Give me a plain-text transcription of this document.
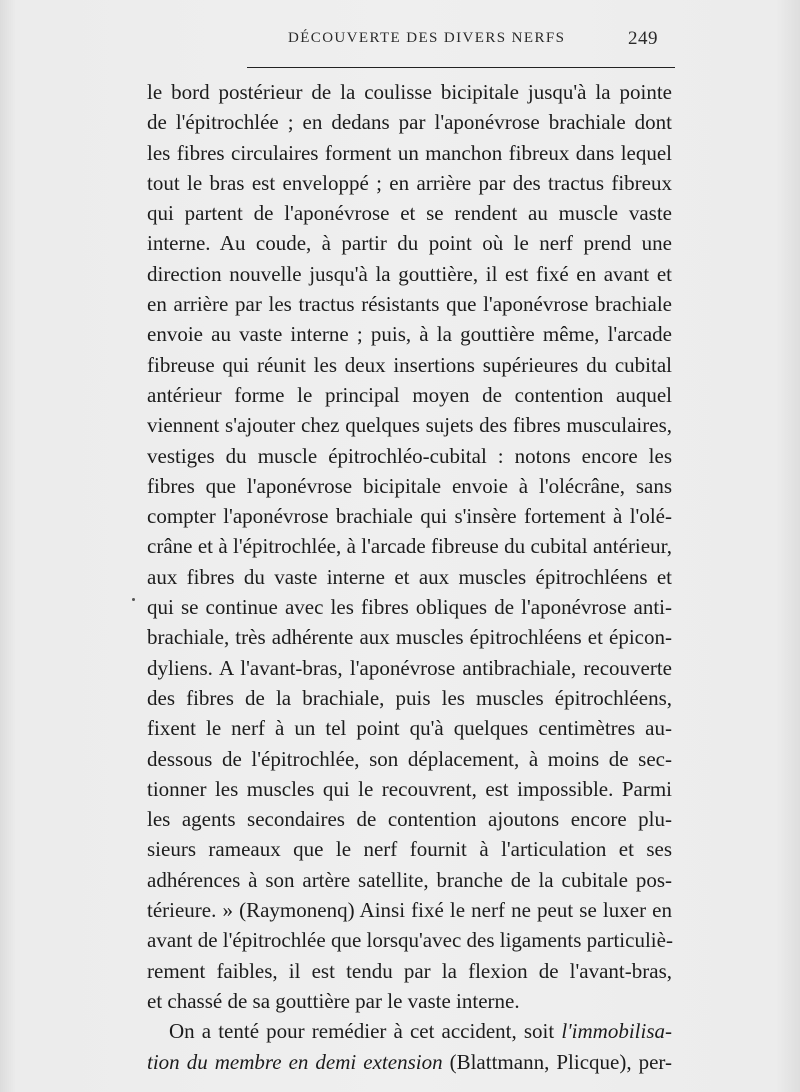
DÉCOUVERTE DES DIVERS NERFS	249
le bord postérieur de la coulisse bicipitale jusqu'à la pointe
de l'épitrochlée ; en dedans par l'aponévrose brachiale dont
les fibres circulaires forment un manchon fibreux dans lequel
tout le bras est enveloppé ; en arrière par des tractus fibreux
qui partent de l'aponévrose et se rendent au muscle vaste
interne. Au coude, à partir du point où le nerf prend une
direction nouvelle jusqu'à la gouttière, il est fixé en avant et
en arrière par les tractus résistants que l'aponévrose brachiale
envoie au vaste interne ; puis, à la gouttière même, l'arcade
fibreuse qui réunit les deux insertions supérieures du cubital
antérieur forme le principal moyen de contention auquel
viennent s'ajouter chez quelques sujets des fibres musculaires,
vestiges du muscle épitrochléo-cubital : notons encore les
fibres que l'aponévrose bicipitale envoie à l'olécrâne, sans
compter l'aponévrose brachiale qui s'insère fortement à l'olé-
crâne et à l'épitrochlée, à l'arcade fibreuse du cubital antérieur,
aux fibres du vaste interne et aux muscles épitrochléens et
qui se continue avec les fibres obliques de l'aponévrose anti-
brachiale, très adhérente aux muscles épitrochléens et épicon-
dyliens. A l'avant-bras, l'aponévrose antibrachiale, recouverte
des fibres de la brachiale, puis les muscles épitrochléens,
fixent le nerf à un tel point qu'à quelques centimètres au-
dessous de l'épitrochlée, son déplacement, à moins de sec-
tionner les muscles qui le recouvrent, est impossible. Parmi
les agents secondaires de contention ajoutons encore plu-
sieurs rameaux que le nerf fournit à l'articulation et ses
adhérences à son artère satellite, branche de la cubitale pos-
térieure. » (Raymonenq) Ainsi fixé le nerf ne peut se luxer en
avant de l'épitrochlée que lorsqu'avec des ligaments particuliè-
rement faibles, il est tendu par la flexion de l'avant-bras,
et chassé de sa gouttière par le vaste interne.
On a tenté pour remédier à cet accident, soit l'immobilisa-
tion du membre en demi extension (Blattmann, Plicque), per-
